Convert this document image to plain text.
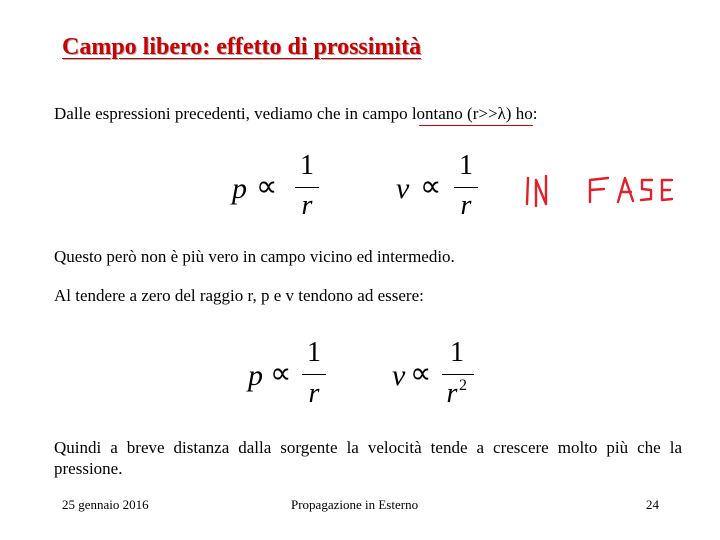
Campo libero: effetto di prossimità
Dalle espressioni precedenti, vediamo che in campo lontano (r>>λ) ho:
p ∝
1
r
v ∝
1
r
Questo però non è più vero in campo vicino ed intermedio.
Al tendere a zero del raggio r, p e v tendono ad essere:
p ∝
1
r
v ∝
1
r 2
Quindi a breve distanza dalla sorgente la velocità tende a crescere molto più che la pressione.
25 gennaio 2016	Propagazione in Esterno	24
